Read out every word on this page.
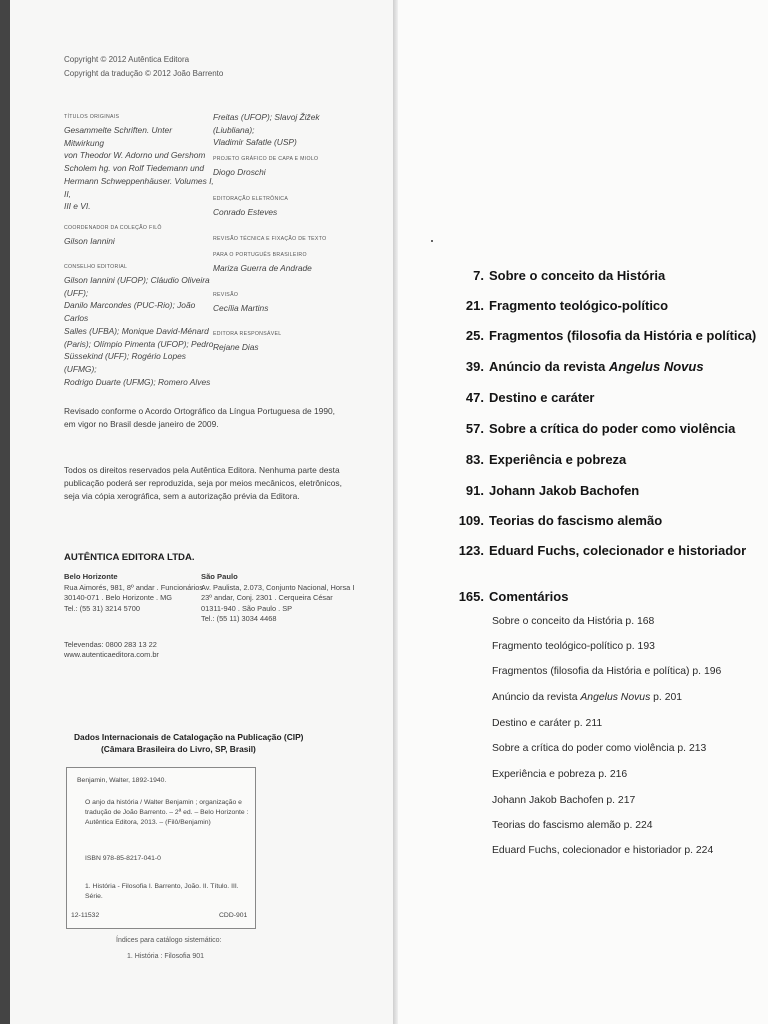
Copyright © 2012 Autêntica Editora
Copyright da tradução © 2012 João Barrento
TÍTULOS ORIGINAIS
Gesammelte Schriften. Unter Mitwirkung
von Theodor W. Adorno und Gershom
Scholem hg. von Rolf Tiedemann und
Hermann Schweppenhäuser. Volumes I, II,
III e VI.
COORDENADOR DA COLEÇÃO FILÔ
Gilson Iannini
CONSELHO EDITORIAL
Gilson Iannini (UFOP); Cláudio Oliveira (UFF);
Danilo Marcondes (PUC-Rio); João Carlos
Salles (UFBA); Monique David-Ménard
(Paris); Olímpio Pimenta (UFOP); Pedro
Süssekind (UFF); Rogério Lopes (UFMG);
Rodrigo Duarte (UFMG); Romero Alves
Freitas (UFOP); Slavoj Žižek (Liubliana);
Vladimir Safatle (USP)
PROJETO GRÁFICO DE CAPA E MIOLO
Diogo Droschi
EDITORAÇÃO ELETRÔNICA
Conrado Esteves
REVISÃO TÉCNICA E FIXAÇÃO DE TEXTO
PARA O PORTUGUÊS BRASILEIRO
Mariza Guerra de Andrade
REVISÃO
Cecília Martins
EDITORA RESPONSÁVEL
Rejane Dias
Revisado conforme o Acordo Ortográfico da Língua Portuguesa de 1990,
em vigor no Brasil desde janeiro de 2009.
Todos os direitos reservados pela Autêntica Editora. Nenhuma parte desta
publicação poderá ser reproduzida, seja por meios mecânicos, eletrônicos,
seja via cópia xerográfica, sem a autorização prévia da Editora.
AUTÊNTICA EDITORA LTDA.
Belo Horizonte
Rua Aimorés, 981, 8º andar . Funcionários
30140-071 . Belo Horizonte . MG
Tel.: (55 31) 3214 5700
São Paulo
Av. Paulista, 2.073, Conjunto Nacional, Horsa I
23º andar, Conj. 2301 . Cerqueira César
01311-940 . São Paulo . SP
Tel.: (55 11) 3034 4468
Televendas: 0800 283 13 22
www.autenticaeditora.com.br
Dados Internacionais de Catalogação na Publicação (CIP)
(Câmara Brasileira do Livro, SP, Brasil)
Benjamin, Walter, 1892-1940.
O anjo da história / Walter Benjamin ; organização e
tradução de João Barrento. – 2ª ed. – Belo Horizonte :
Autêntica Editora, 2013. – (Filô/Benjamin)
ISBN 978-85-8217-041-0
1. História - Filosofia I. Barrento, João. II. Título. III. Série.
12-11532	CDD-901
Índices para catálogo sistemático:
1. História : Filosofia 901
7. Sobre o conceito da História
21. Fragmento teológico-político
25. Fragmentos (filosofia da História e política)
39. Anúncio da revista Angelus Novus
47. Destino e caráter
57. Sobre a crítica do poder como violência
83. Experiência e pobreza
91. Johann Jakob Bachofen
109. Teorias do fascismo alemão
123. Eduard Fuchs, colecionador e historiador
165. Comentários
Sobre o conceito da História p. 168
Fragmento teológico-político p. 193
Fragmentos (filosofia da História e política) p. 196
Anúncio da revista Angelus Novus p. 201
Destino e caráter p. 211
Sobre a crítica do poder como violência p. 213
Experiência e pobreza p. 216
Johann Jakob Bachofen p. 217
Teorias do fascismo alemão p. 224
Eduard Fuchs, colecionador e historiador p. 224
